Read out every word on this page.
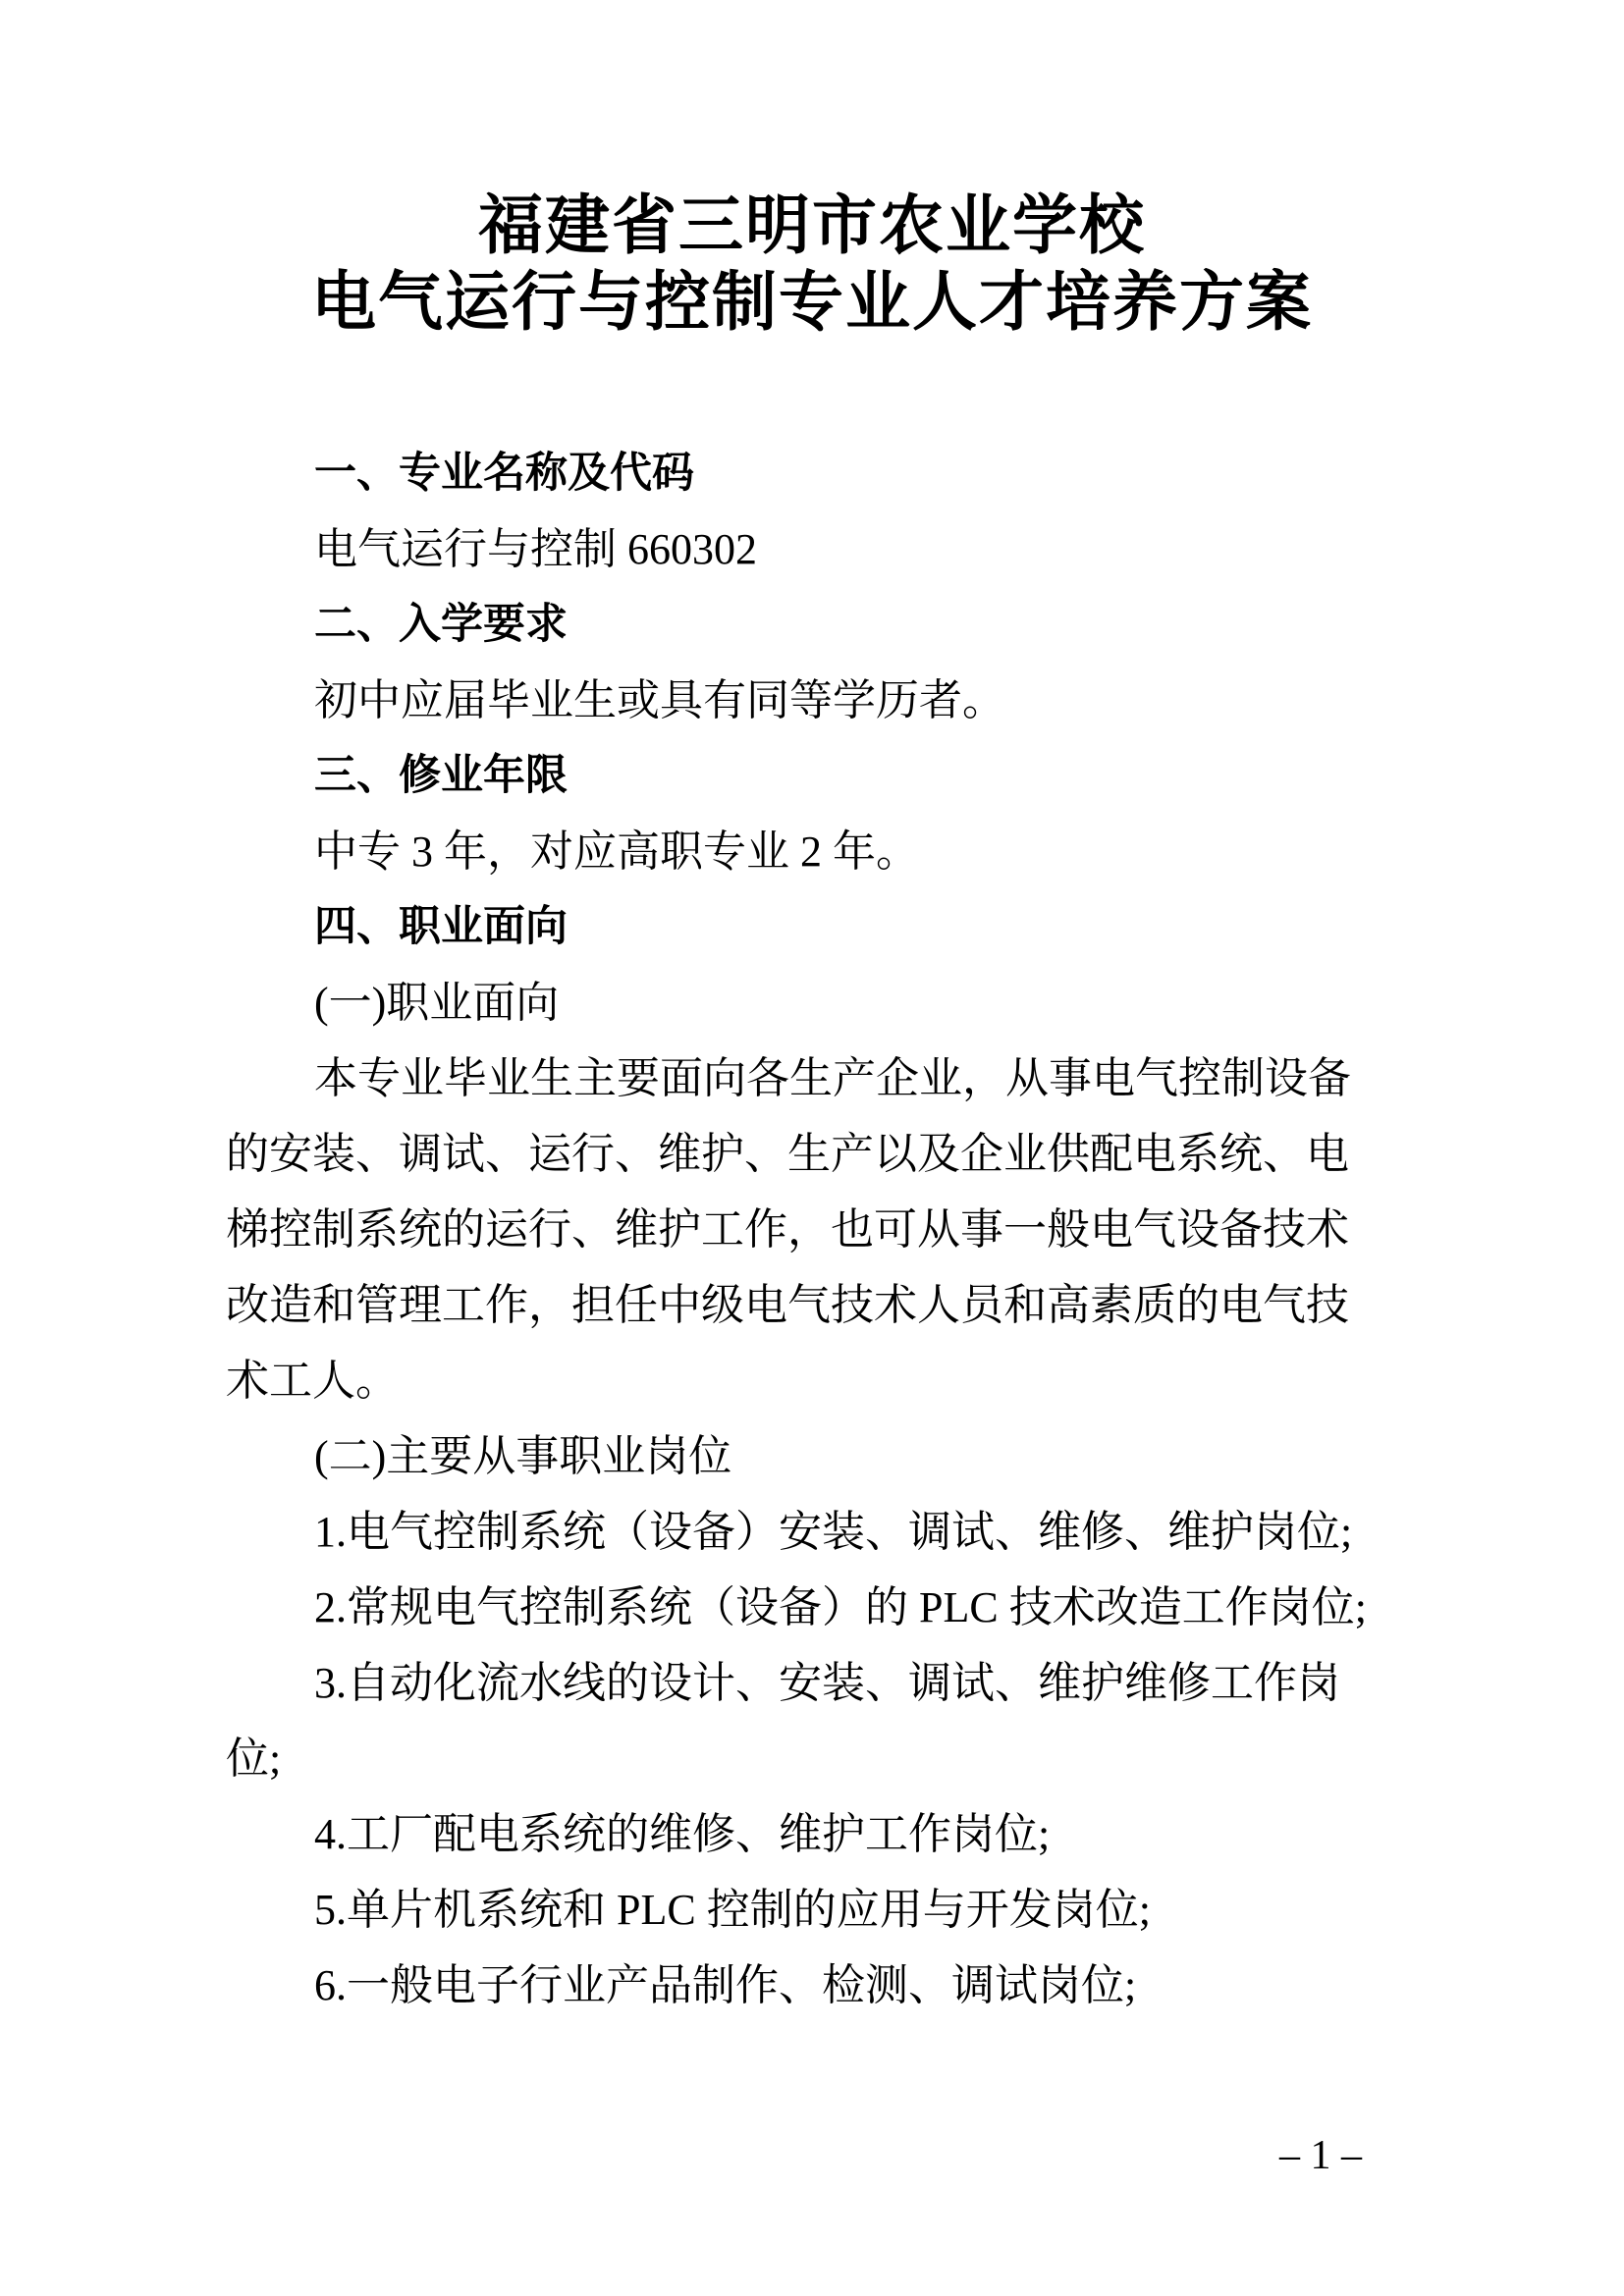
福建省三明市农业学校
电气运行与控制专业人才培养方案
一、专业名称及代码
电气运行与控制 660302
二、入学要求
初中应届毕业生或具有同等学历者。
三、修业年限
中专 3 年，对应高职专业 2 年。
四、职业面向
(一)职业面向
本专业毕业生主要面向各生产企业，从事电气控制设备
的安装、调试、运行、维护、生产以及企业供配电系统、电
梯控制系统的运行、维护工作，也可从事一般电气设备技术
改造和管理工作，担任中级电气技术人员和高素质的电气技
术工人。
(二)主要从事职业岗位
1.电气控制系统（设备）安装、调试、维修、维护岗位;
2.常规电气控制系统（设备）的 PLC 技术改造工作岗位;
3.自动化流水线的设计、安装、调试、维护维修工作岗
位;
4.工厂配电系统的维修、维护工作岗位;
5.单片机系统和 PLC 控制的应用与开发岗位;
6.一般电子行业产品制作、检测、调试岗位;
– 1 –
